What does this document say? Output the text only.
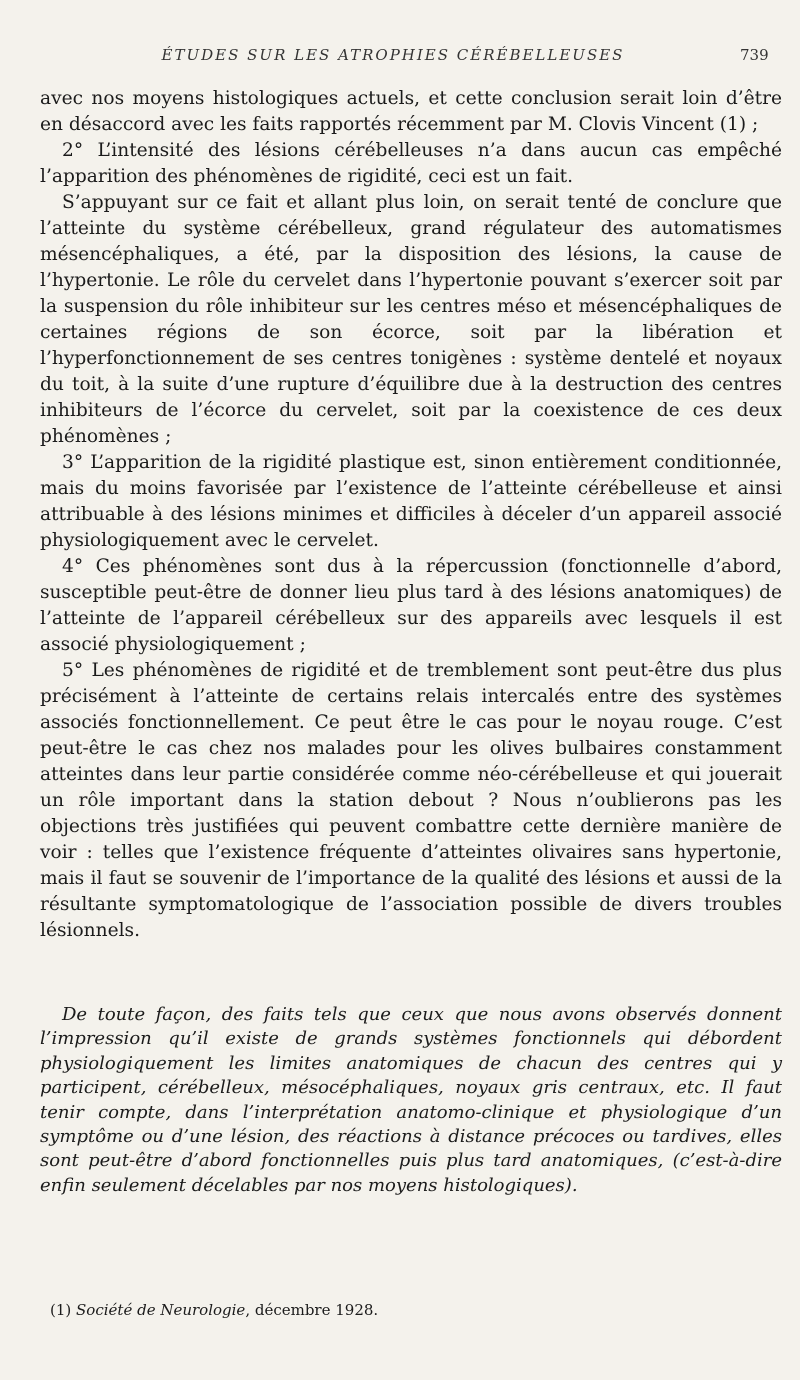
ÉTUDES SUR LES ATROPHIES CÉRÉBELLEUSES	739

avec nos moyens histologiques actuels, et cette conclusion serait loin d’être en désaccord avec les faits rapportés récemment par M. Clovis Vincent (1) ;

2° L’intensité des lésions cérébelleuses n’a dans aucun cas empêché l’apparition des phénomènes de rigidité, ceci est un fait.

S’appuyant sur ce fait et allant plus loin, on serait tenté de conclure que l’atteinte du système cérébelleux, grand régulateur des automatismes mésencéphaliques, a été, par la disposition des lésions, la cause de l’hypertonie. Le rôle du cervelet dans l’hypertonie pouvant s’exercer soit par la suspension du rôle inhibiteur sur les centres méso et mésencéphaliques de certaines régions de son écorce, soit par la libération et l’hyperfonctionnement de ses centres tonigènes : système dentelé et noyaux du toit, à la suite d’une rupture d’équilibre due à la destruction des centres inhibiteurs de l’écorce du cervelet, soit par la coexistence de ces deux phénomènes ;

3° L’apparition de la rigidité plastique est, sinon entièrement conditionnée, mais du moins favorisée par l’existence de l’atteinte cérébelleuse et ainsi attribuable à des lésions minimes et difficiles à déceler d’un appareil associé physiologiquement avec le cervelet.

4° Ces phénomènes sont dus à la répercussion (fonctionnelle d’abord, susceptible peut-être de donner lieu plus tard à des lésions anatomiques) de l’atteinte de l’appareil cérébelleux sur des appareils avec lesquels il est associé physiologiquement ;

5° Les phénomènes de rigidité et de tremblement sont peut-être dus plus précisément à l’atteinte de certains relais intercalés entre des systèmes associés fonctionnellement. Ce peut être le cas pour le noyau rouge. C’est peut-être le cas chez nos malades pour les olives bulbaires constamment atteintes dans leur partie considérée comme néo-cérébelleuse et qui jouerait un rôle important dans la station debout ? Nous n’oublierons pas les objections très justifiées qui peuvent combattre cette dernière manière de voir : telles que l’existence fréquente d’atteintes olivaires sans hypertonie, mais il faut se souvenir de l’importance de la qualité des lésions et aussi de la résultante symptomatologique de l’association possible de divers troubles lésionnels.

De toute façon, des faits tels que ceux que nous avons observés donnent l’impression qu’il existe de grands systèmes fonctionnels qui débordent physiologiquement les limites anatomiques de chacun des centres qui y participent, cérébelleux, mésocéphaliques, noyaux gris centraux, etc. Il faut tenir compte, dans l’interprétation anatomo-clinique et physiologique d’un symptôme ou d’une lésion, des réactions à distance précoces ou tardives, elles sont peut-être d’abord fonctionnelles puis plus tard anatomiques, (c’est-à-dire enfin seulement décelables par nos moyens histologiques).

(1) Société de Neurologie, décembre 1928.
